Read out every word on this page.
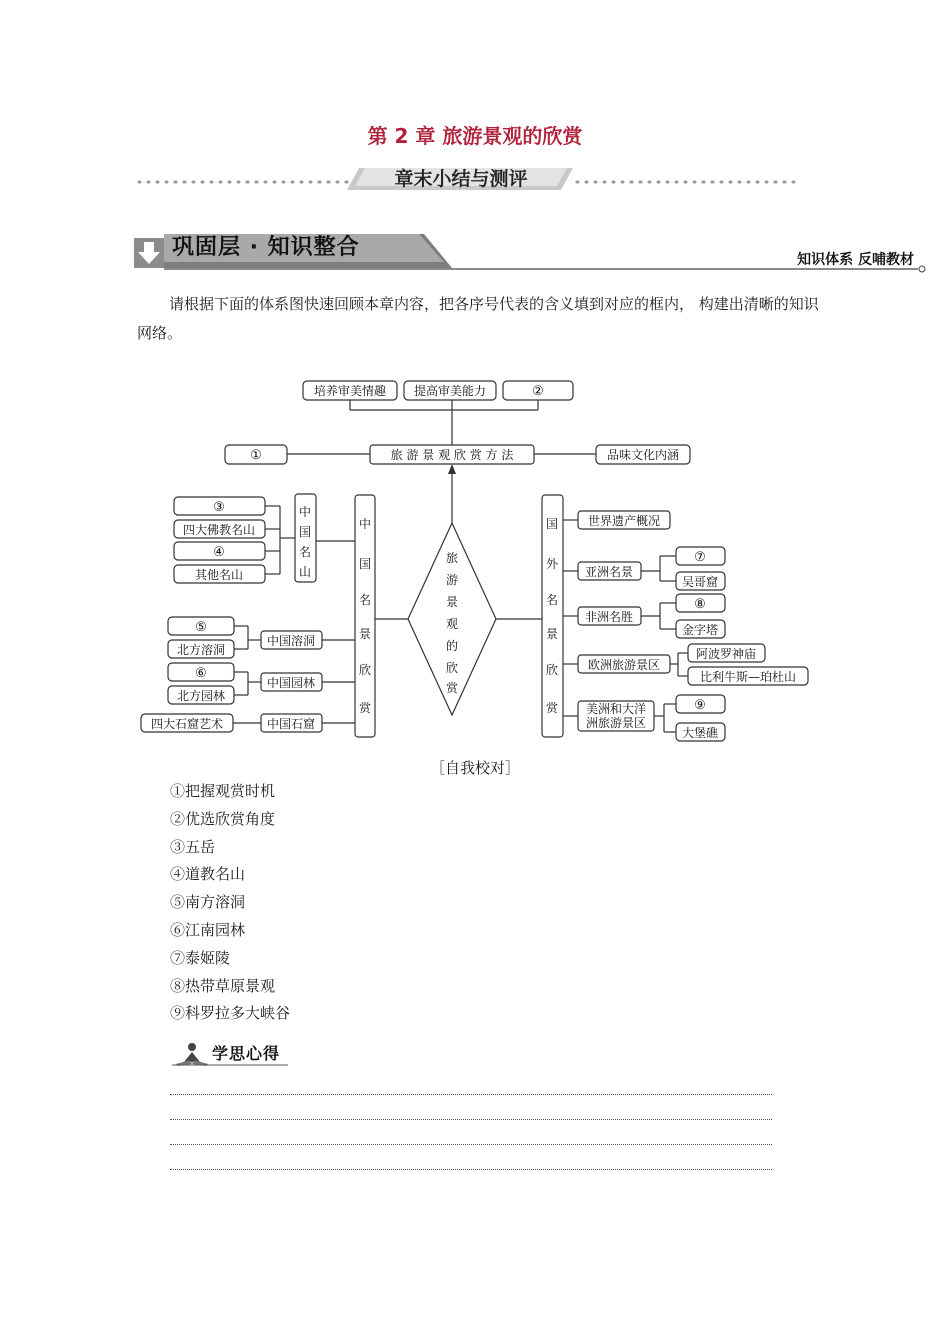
第 2 章 旅游景观的欣赏
章末小结与测评
巩固层 · 知识整合	知识体系 反哺教材
请根据下面的体系图快速回顾本章内容，把各序号代表的含义填到对应的框内， 构建出清晰的知识网络。
培养审美情趣 提高审美能力	②
旅 游 景 观 欣 赏 方 法
①	品味文化内涵
旅
游
景
观
的
欣
赏
中
国
名
景
欣
赏
中
国
名
山
③
四大佛教名山
④
其他名山
中国溶洞
⑤
北方溶洞
中国园林
⑥
北方园林
中国石窟
四大石窟艺术
国
外
名
景
欣
赏
世界遗产概况
亚洲名景
⑦
吴哥窟
非洲名胜
⑧
金字塔
欧洲旅游景区
阿波罗神庙
比利牛斯—珀杜山
美洲和大洋
洲旅游景区
⑨
大堡礁
［自我校对］
①把握观赏时机
②优选欣赏角度
③五岳
④道教名山
⑤南方溶洞
⑥江南园林
⑦泰姬陵
⑧热带草原景观
⑨科罗拉多大峡谷
学思心得
